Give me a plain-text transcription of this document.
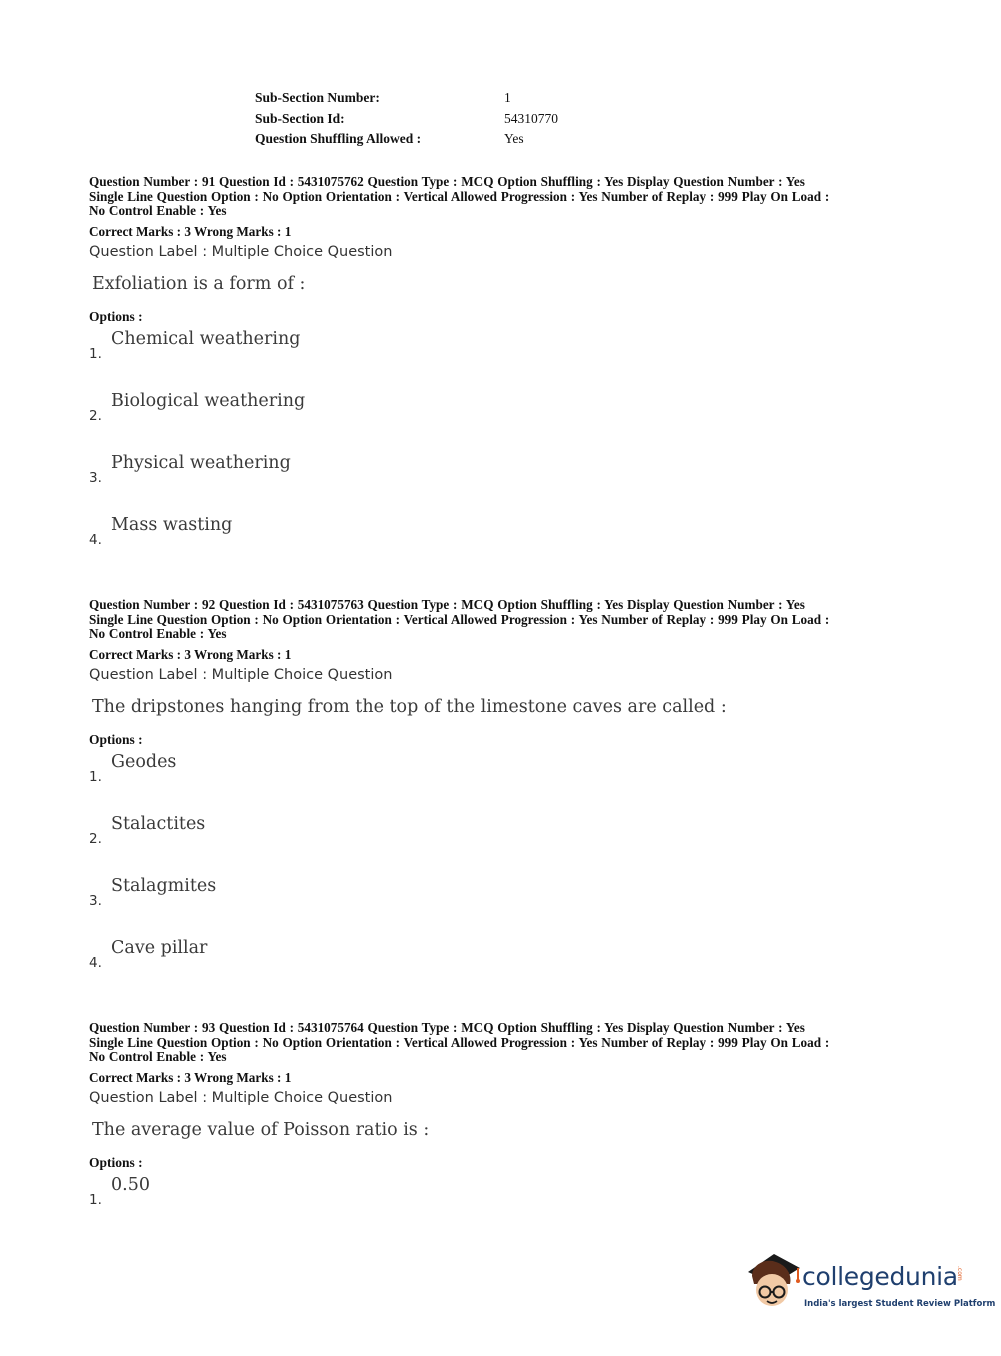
Sub-Section Number:	1
Sub-Section Id:	54310770
Question Shuffling Allowed :	Yes
Question Number : 91 Question Id : 5431075762 Question Type : MCQ Option Shuffling : Yes Display Question Number : Yes
Single Line Question Option : No Option Orientation : Vertical Allowed Progression : Yes Number of Replay : 999 Play On Load :
No Control Enable : Yes
Correct Marks : 3 Wrong Marks : 1
Question Label : Multiple Choice Question
Exfoliation is a form of :
Options :
1.
Chemical weathering
2.
Biological weathering
3.
Physical weathering
4.
Mass wasting
Question Number : 92 Question Id : 5431075763 Question Type : MCQ Option Shuffling : Yes Display Question Number : Yes
Single Line Question Option : No Option Orientation : Vertical Allowed Progression : Yes Number of Replay : 999 Play On Load :
No Control Enable : Yes
Correct Marks : 3 Wrong Marks : 1
Question Label : Multiple Choice Question
The dripstones hanging from the top of the limestone caves are called :
Options :
1.
Geodes
2.
Stalactites
3.
Stalagmites
4.
Cave pillar
Question Number : 93 Question Id : 5431075764 Question Type : MCQ Option Shuffling : Yes Display Question Number : Yes
Single Line Question Option : No Option Orientation : Vertical Allowed Progression : Yes Number of Replay : 999 Play On Load :
No Control Enable : Yes
Correct Marks : 3 Wrong Marks : 1
Question Label : Multiple Choice Question
The average value of Poisson ratio is :
Options :
1.
0.50
collegedunia
.com
India's largest Student Review Platform
